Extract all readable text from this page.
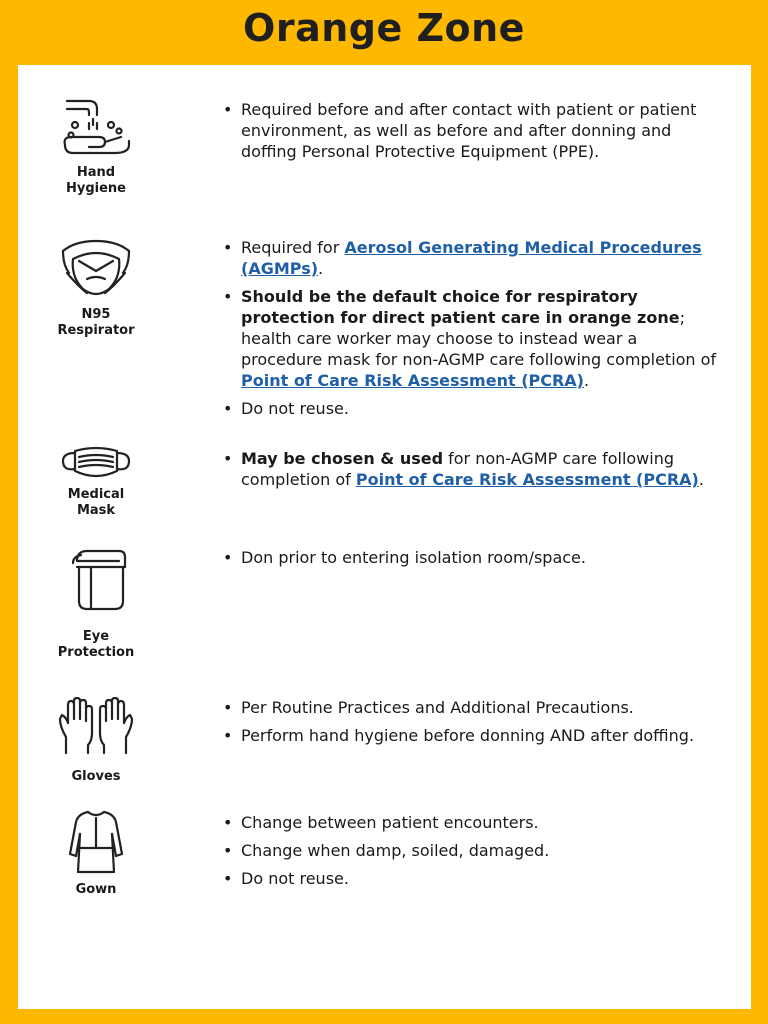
Orange Zone
Hand
Hygiene
• Required before and after contact with patient or patient environment, as well as before and after donning and doffing Personal Protective Equipment (PPE).
N95
Respirator
• Required for Aerosol Generating Medical Procedures (AGMPs).
• Should be the default choice for respiratory protection for direct patient care in orange zone; health care worker may choose to instead wear a procedure mask for non-AGMP care following completion of Point of Care Risk Assessment (PCRA).
• Do not reuse.
Medical
Mask
• May be chosen & used for non-AGMP care following completion of Point of Care Risk Assessment (PCRA).
Eye
Protection
• Don prior to entering isolation room/space.
Gloves
• Per Routine Practices and Additional Precautions.
• Perform hand hygiene before donning AND after doffing.
Gown
• Change between patient encounters.
• Change when damp, soiled, damaged.
• Do not reuse.
